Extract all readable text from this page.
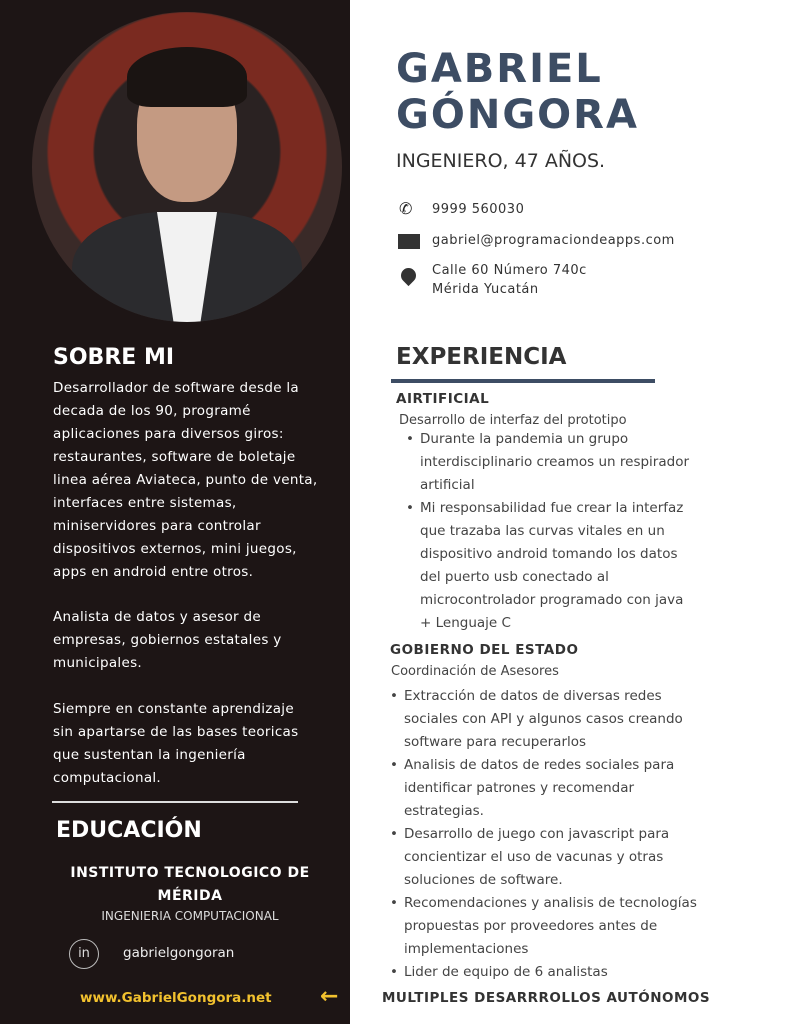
SOBRE MI
Desarrollador de software desde la decada de los 90, programé aplicaciones para diversos giros: restaurantes, software de boletaje linea aérea Aviateca, punto de venta, interfaces entre sistemas, miniservidores para controlar dispositivos externos, mini juegos, apps en android entre otros.
Analista de datos y asesor de empresas, gobiernos estatales y municipales.
Siempre en constante aprendizaje sin apartarse de las bases teoricas que sustentan la ingeniería computacional.
EDUCACIÓN
INSTITUTO TECNOLOGICO DE MÉRIDA
INGENIERIA COMPUTACIONAL
in	gabrielgongoran
www.GabrielGongora.net ←
GABRIEL
GÓNGORA
INGENIERO, 47 AÑOS.
✆ 9999 560030
gabriel@programaciondeapps.com
Calle 60 Número 740c
Mérida Yucatán
EXPERIENCIA
AIRTIFICIAL
Desarrollo de interfaz del prototipo
• Durante la pandemia un grupo interdisciplinario creamos un respirador artificial
• Mi responsabilidad fue crear la interfaz que trazaba las curvas vitales en un dispositivo android tomando los datos del puerto usb conectado al microcontrolador programado con java + Lenguaje C
GOBIERNO DEL ESTADO
Coordinación de Asesores
• Extracción de datos de diversas redes sociales con API y algunos casos creando software para recuperarlos
• Analisis de datos de redes sociales para identificar patrones y recomendar estrategias.
• Desarrollo de juego con javascript para concientizar el uso de vacunas y otras soluciones de software.
• Recomendaciones y analisis de tecnologías propuestas por proveedores antes de implementaciones
• Lider de equipo de 6 analistas
MULTIPLES DESARRROLLOS AUTÓNOMOS
